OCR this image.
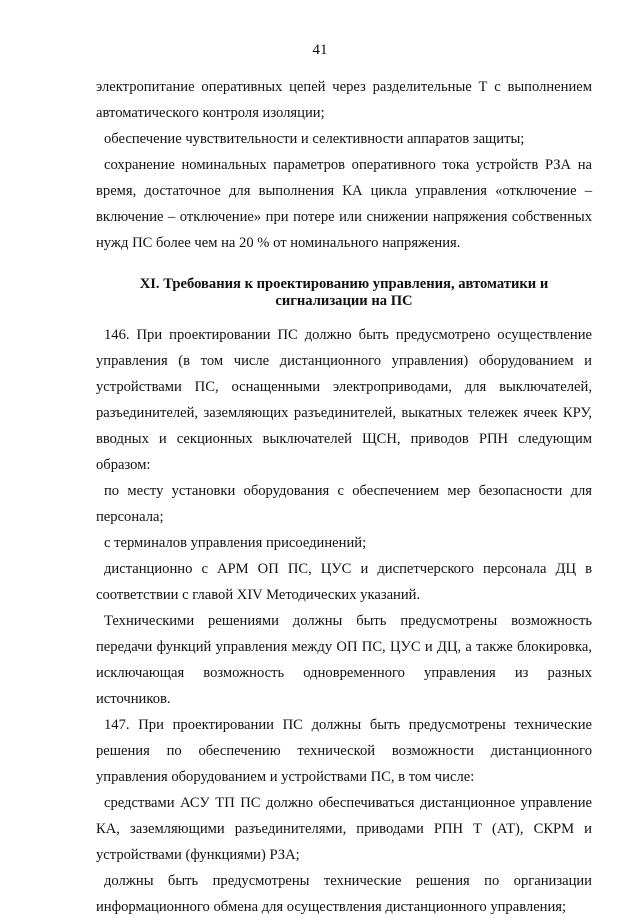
41

электропитание оперативных цепей через разделительные Т с выполнением автоматического контроля изоляции;

обеспечение чувствительности и селективности аппаратов защиты;

сохранение номинальных параметров оперативного тока устройств РЗА на время, достаточное для выполнения КА цикла управления «отключение – включение – отключение» при потере или снижении напряжения собственных нужд ПС более чем на 20 % от номинального напряжения.

XI. Требования к проектированию управления, автоматики и сигнализации на ПС

146. При проектировании ПС должно быть предусмотрено осуществление управления (в том числе дистанционного управления) оборудованием и устройствами ПС, оснащенными электроприводами, для выключателей, разъединителей, заземляющих разъединителей, выкатных тележек ячеек КРУ, вводных и секционных выключателей ЩСН, приводов РПН следующим образом:

по месту установки оборудования с обеспечением мер безопасности для персонала;

с терминалов управления присоединений;

дистанционно с АРМ ОП ПС, ЦУС и диспетчерского персонала ДЦ в соответствии с главой XIV Методических указаний.

Техническими решениями должны быть предусмотрены возможность передачи функций управления между ОП ПС, ЦУС и ДЦ, а также блокировка, исключающая возможность одновременного управления из разных источников.

147. При проектировании ПС должны быть предусмотрены технические решения по обеспечению технической возможности дистанционного управления оборудованием и устройствами ПС, в том числе:

средствами АСУ ТП ПС должно обеспечиваться дистанционное управление КА, заземляющими разъединителями, приводами РПН Т (АТ), СКРМ и устройствами (функциями) РЗА;

должны быть предусмотрены технические решения по организации информационного обмена для осуществления дистанционного управления;
